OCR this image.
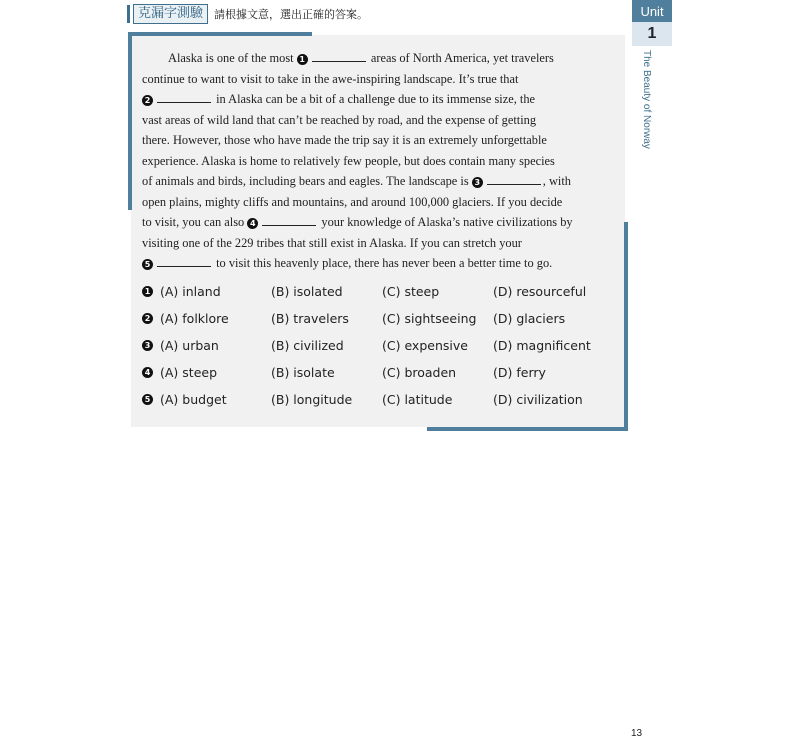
克漏字測驗	請根據文意，選出正確的答案。	Unit
1
The Beauty of Norway
Alaska is one of the most 1	areas of North America, yet travelers
continue to want to visit to take in the awe-inspiring landscape. It’s true that
2	in Alaska can be a bit of a challenge due to its immense size, the
vast areas of wild land that can’t be reached by road, and the expense of getting
there. However, those who have made the trip say it is an extremely unforgettable
experience. Alaska is home to relatively few people, but does contain many species
of animals and birds, including bears and eagles. The landscape is 3	, with
open plains, mighty cliffs and mountains, and around 100,000 glaciers. If you decide
to visit, you can also 4	your knowledge of Alaska’s native civilizations by
visiting one of the 229 tribes that still exist in Alaska. If you can stretch your
5	to visit this heavenly place, there has never been a better time to go.
1 (A) inland	(B) isolated	(C) steep	(D) resourceful
2 (A) folklore	(B) travelers	(C) sightseeing (D) glaciers
3 (A) urban	(B) civilized	(C) expensive (D) magnificent
4 (A) steep	(B) isolate	(C) broaden	(D) ferry
5 (A) budget	(B) longitude (C) latitude	(D) civilization
13
